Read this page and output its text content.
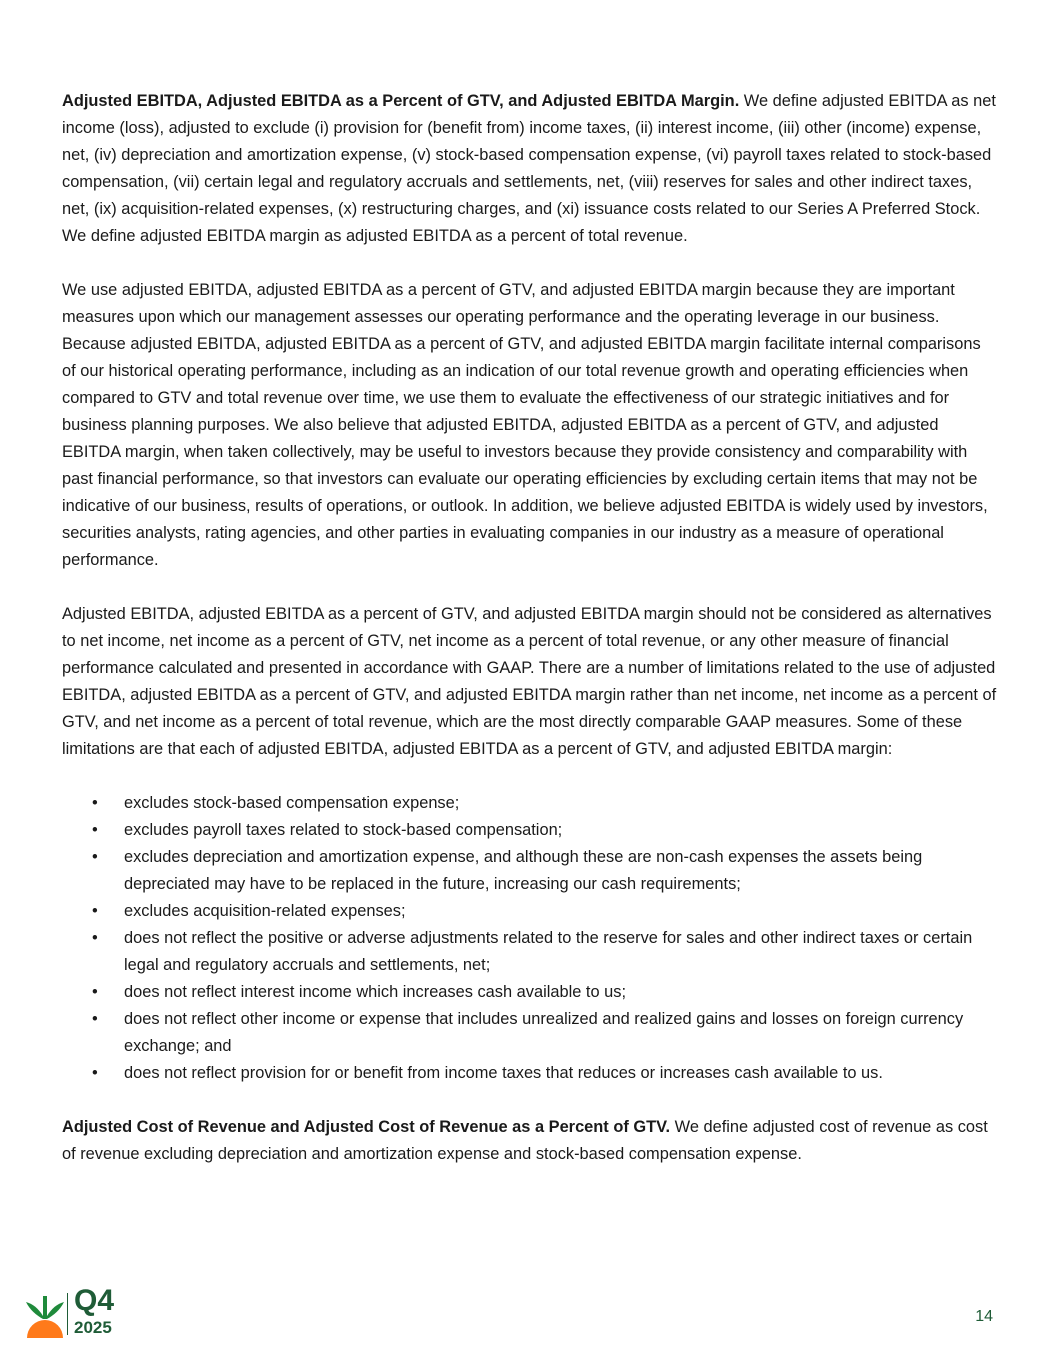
Adjusted EBITDA, Adjusted EBITDA as a Percent of GTV, and Adjusted EBITDA Margin. We define adjusted EBITDA as net income (loss), adjusted to exclude (i) provision for (benefit from) income taxes, (ii) interest income, (iii) other (income) expense, net, (iv) depreciation and amortization expense, (v) stock-based compensation expense, (vi) payroll taxes related to stock-based compensation, (vii) certain legal and regulatory accruals and settlements, net, (viii) reserves for sales and other indirect taxes, net, (ix) acquisition-related expenses, (x) restructuring charges, and (xi) issuance costs related to our Series A Preferred Stock. We define adjusted EBITDA margin as adjusted EBITDA as a percent of total revenue.

We use adjusted EBITDA, adjusted EBITDA as a percent of GTV, and adjusted EBITDA margin because they are important measures upon which our management assesses our operating performance and the operating leverage in our business. Because adjusted EBITDA, adjusted EBITDA as a percent of GTV, and adjusted EBITDA margin facilitate internal comparisons of our historical operating performance, including as an indication of our total revenue growth and operating efficiencies when compared to GTV and total revenue over time, we use them to evaluate the effectiveness of our strategic initiatives and for business planning purposes. We also believe that adjusted EBITDA, adjusted EBITDA as a percent of GTV, and adjusted EBITDA margin, when taken collectively, may be useful to investors because they provide consistency and comparability with past financial performance, so that investors can evaluate our operating efficiencies by excluding certain items that may not be indicative of our business, results of operations, or outlook. In addition, we believe adjusted EBITDA is widely used by investors, securities analysts, rating agencies, and other parties in evaluating companies in our industry as a measure of operational performance.

Adjusted EBITDA, adjusted EBITDA as a percent of GTV, and adjusted EBITDA margin should not be considered as alternatives to net income, net income as a percent of GTV, net income as a percent of total revenue, or any other measure of financial performance calculated and presented in accordance with GAAP. There are a number of limitations related to the use of adjusted EBITDA, adjusted EBITDA as a percent of GTV, and adjusted EBITDA margin rather than net income, net income as a percent of GTV, and net income as a percent of total revenue, which are the most directly comparable GAAP measures. Some of these limitations are that each of adjusted EBITDA, adjusted EBITDA as a percent of GTV, and adjusted EBITDA margin:

• excludes stock-based compensation expense;
• excludes payroll taxes related to stock-based compensation;
• excludes depreciation and amortization expense, and although these are non-cash expenses the assets being depreciated may have to be replaced in the future, increasing our cash requirements;
• excludes acquisition-related expenses;
• does not reflect the positive or adverse adjustments related to the reserve for sales and other indirect taxes or certain legal and regulatory accruals and settlements, net;
• does not reflect interest income which increases cash available to us;
• does not reflect other income or expense that includes unrealized and realized gains and losses on foreign currency exchange; and
• does not reflect provision for or benefit from income taxes that reduces or increases cash available to us.

Adjusted Cost of Revenue and Adjusted Cost of Revenue as a Percent of GTV. We define adjusted cost of revenue as cost of revenue excluding depreciation and amortization expense and stock-based compensation expense.

Q4
2025
14
